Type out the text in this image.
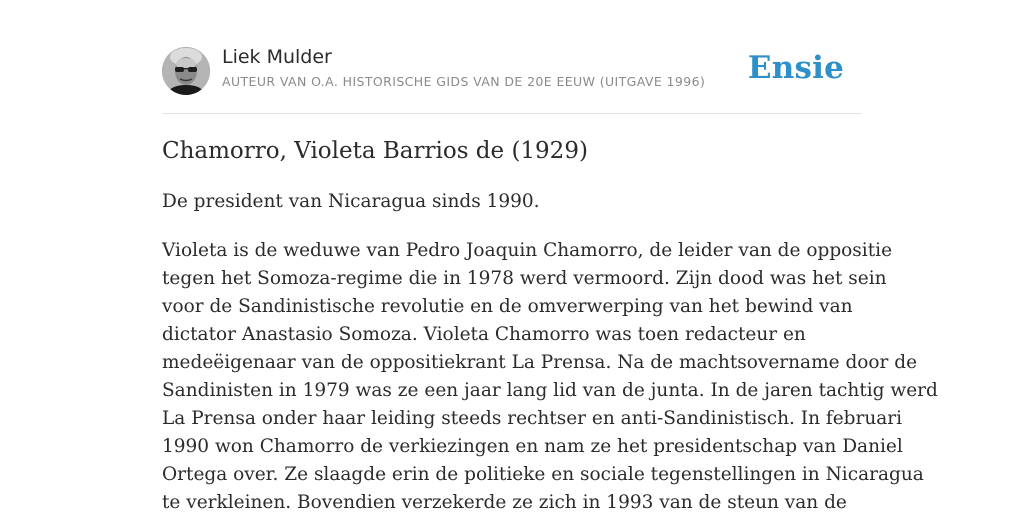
Liek Mulder
AUTEUR VAN O.A. HISTORISCHE GIDS VAN DE 20E EEUW (UITGAVE 1996) Ensie
Chamorro, Violeta Barrios de (1929)

De president van Nicaragua sinds 1990.

Violeta is de weduwe van Pedro Joaquin Chamorro, de leider van de oppositie
tegen het Somoza-regime die in 1978 werd vermoord. Zijn dood was het sein
voor de Sandinistische revolutie en de omverwerping van het bewind van
dictator Anastasio Somoza. Violeta Chamorro was toen redacteur en
medeëigenaar van de oppositiekrant La Prensa. Na de machtsovername door de
Sandinisten in 1979 was ze een jaar lang lid van de junta. In de jaren tachtig werd
La Prensa onder haar leiding steeds rechtser en anti-Sandinistisch. In februari
1990 won Chamorro de verkiezingen en nam ze het presidentschap van Daniel
Ortega over. Ze slaagde erin de politieke en sociale tegenstellingen in Nicaragua
te verkleinen. Bovendien verzekerde ze zich in 1993 van de steun van de
